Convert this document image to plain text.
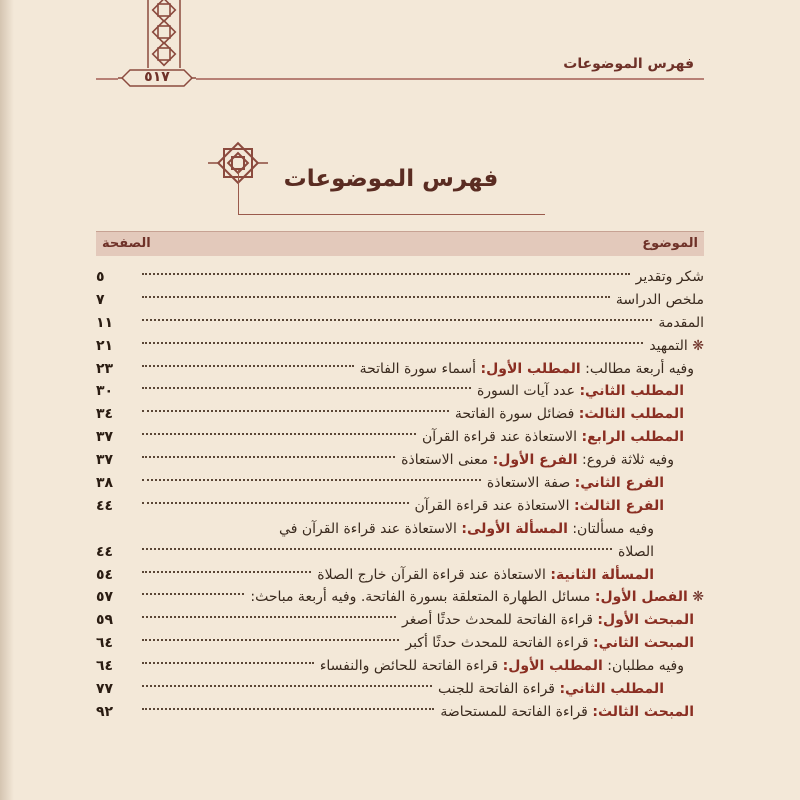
فهرس الموضوعات
٥١٧
فهرس الموضوعات
الموضوع
الصفحة
شكر وتقدير
٥
ملخص الدراسة
٧
المقدمة
١١
❋ التمهيد
٢١
وفيه أربعة مطالب: المطلب الأول: أسماء سورة الفاتحة
٢٣
المطلب الثاني: عدد آيات السورة
٣٠
المطلب الثالث: فضائل سورة الفاتحة
٣٤
المطلب الرابع: الاستعاذة عند قراءة القرآن
٣٧
وفيه ثلاثة فروع: الفرع الأول: معنى الاستعاذة
٣٧
الفرع الثاني: صفة الاستعاذة
٣٨
الفرع الثالث: الاستعاذة عند قراءة القرآن
٤٤
وفيه مسألتان: المسألة الأولى: الاستعاذة عند قراءة القرآن في
الصلاة
٤٤
المسألة الثانية: الاستعاذة عند قراءة القرآن خارج الصلاة
٥٤
❋ الفصل الأول: مسائل الطهارة المتعلقة بسورة الفاتحة. وفيه أربعة مباحث:
٥٧
المبحث الأول: قراءة الفاتحة للمحدث حدثًا أصغر
٥٩
المبحث الثاني: قراءة الفاتحة للمحدث حدثًا أكبر
٦٤
وفيه مطلبان: المطلب الأول: قراءة الفاتحة للحائض والنفساء
٦٤
المطلب الثاني: قراءة الفاتحة للجنب
٧٧
المبحث الثالث: قراءة الفاتحة للمستحاضة
٩٢
